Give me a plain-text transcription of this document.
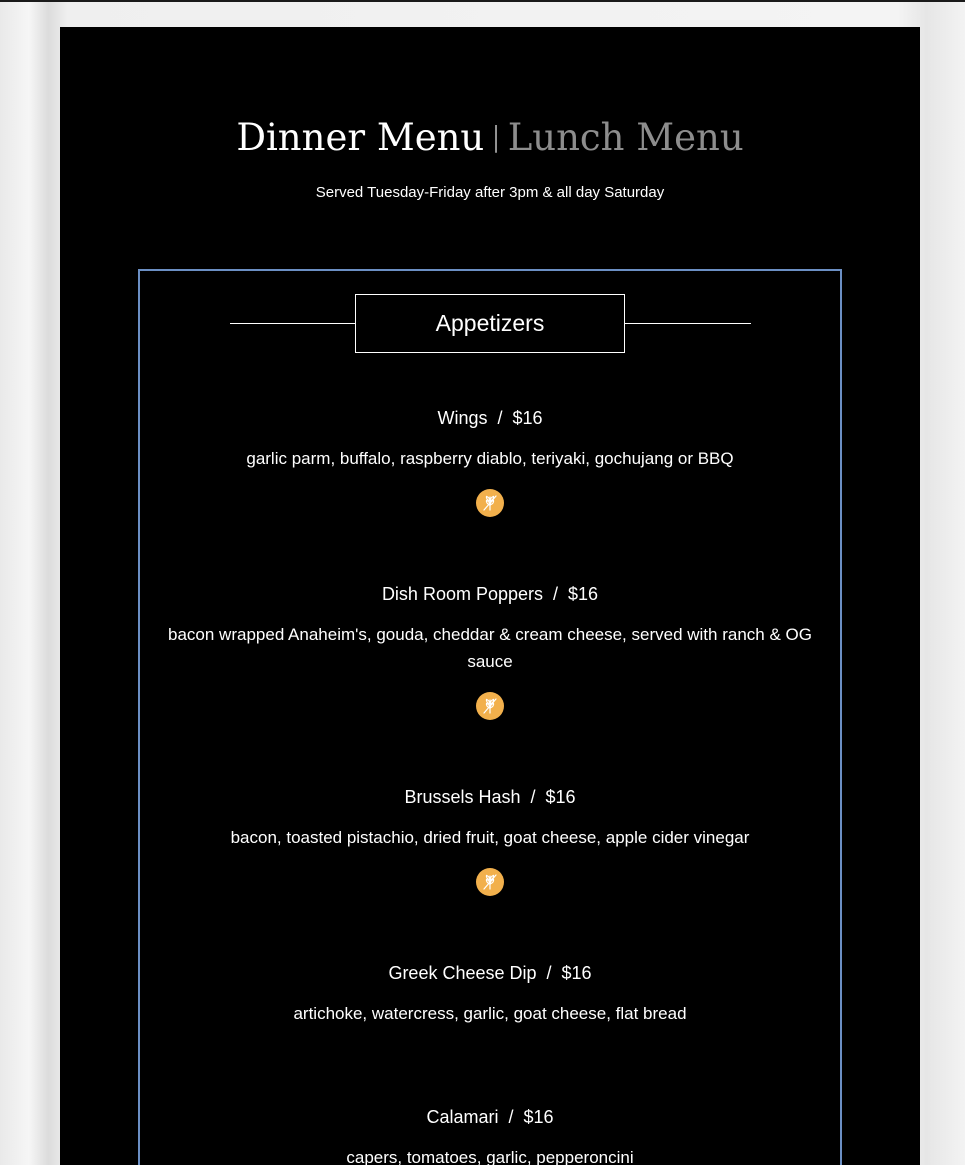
Dinner Menu | Lunch Menu
Served Tuesday-Friday after 3pm & all day Saturday
Appetizers
Wings  /  $16
garlic parm, buffalo, raspberry diablo, teriyaki, gochujang or BBQ
Dish Room Poppers  /  $16
bacon wrapped Anaheim's, gouda, cheddar & cream cheese, served with ranch & OG sauce
Brussels Hash  /  $16
bacon, toasted pistachio, dried fruit, goat cheese, apple cider vinegar
Greek Cheese Dip  /  $16
artichoke, watercress, garlic, goat cheese, flat bread
Calamari  /  $16
capers, tomatoes, garlic, pepperoncini
